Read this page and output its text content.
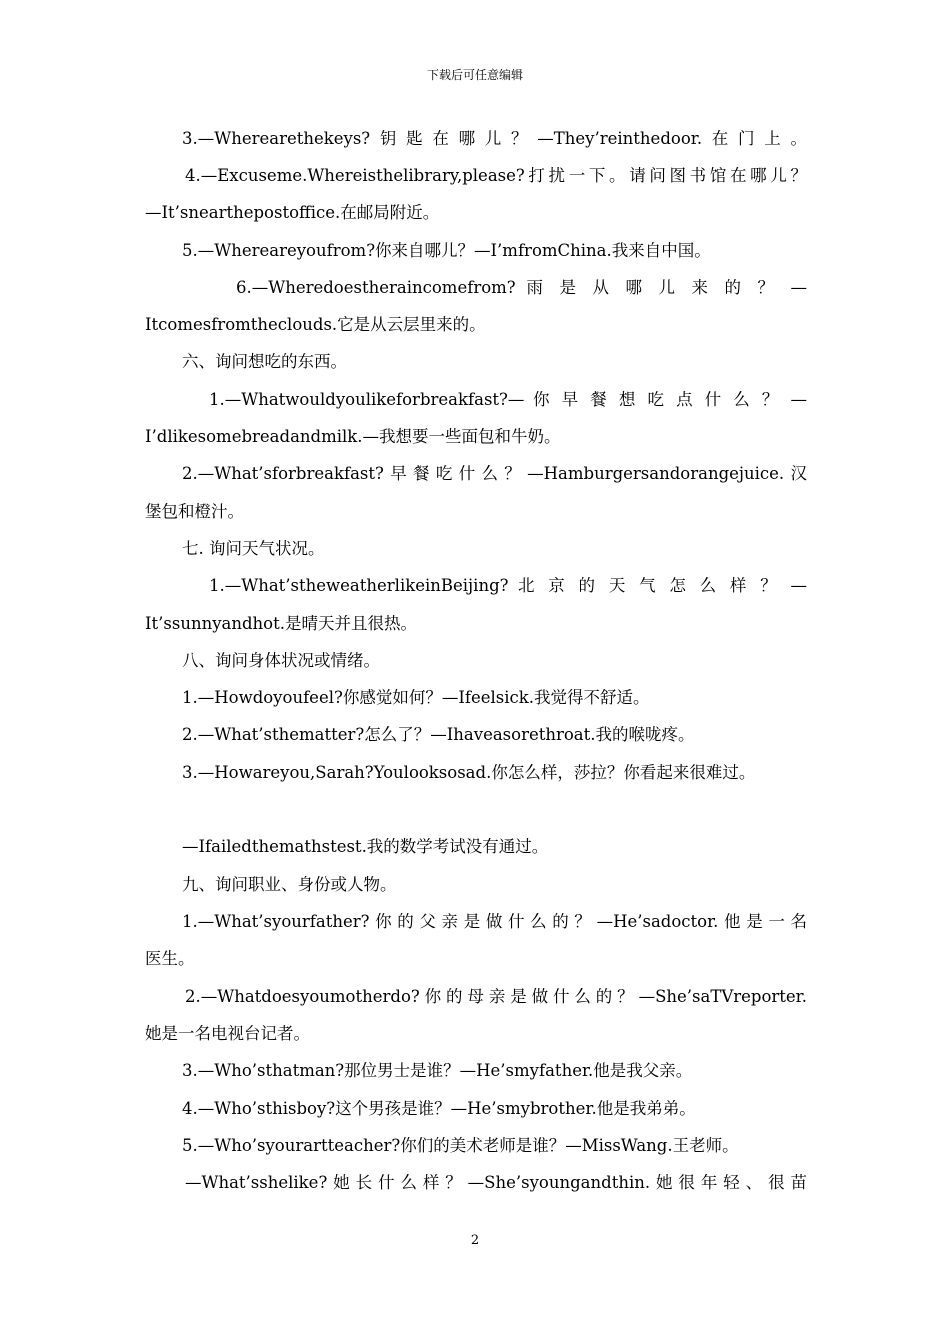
下载后可任意编辑
3.—Wherearethekeys?钥匙在哪儿？—They’reinthedoor.在门上。
4.—Excuseme.Whereisthelibrary,please?打扰一下。请问图书馆在哪儿？
—It’snearthepostoffice.在邮局附近。
5.—Whereareyoufrom?你来自哪儿？—I’mfromChina.我来自中国。
6.—Wheredoestheraincomefrom? 雨 是 从 哪 儿 来 的 ？ —
Itcomesfromtheclouds.它是从云层里来的。
六、询问想吃的东西。
1.—Whatwouldyoulikeforbreakfast?— 你 早 餐 想 吃 点 什 么 ？ —
I’dlikesomebreadandmilk.—我想要一些面包和牛奶。
2.—What’sforbreakfast?早餐吃什么？—Hamburgersandorangejuice.汉
堡包和橙汁。
七. 询问天气状况。
1.—What’stheweatherlikeinBeijing? 北 京 的 天 气 怎 么 样 ？ —
It’ssunnyandhot.是晴天并且很热。
八、询问身体状况或情绪。
1.—Howdoyoufeel?你感觉如何？—Ifeelsick.我觉得不舒适。
2.—What’sthematter?怎么了？—Ihaveasorethroat.我的喉咙疼。
3.—Howareyou,Sarah?Youlooksosad.你怎么样，莎拉？你看起来很难过。
—Ifailedthemathstest.我的数学考试没有通过。
九、询问职业、身份或人物。
1.—What’syourfather?你的父亲是做什么的？—He’sadoctor.他是一名
医生。
2.—Whatdoesyoumotherdo?你的母亲是做什么的？—She’saTVreporter.
她是一名电视台记者。
3.—Who’sthatman?那位男士是谁？—He’smyfather.他是我父亲。
4.—Who’sthisboy?这个男孩是谁？—He’smybrother.他是我弟弟。
5.—Who’syourartteacher?你们的美术老师是谁？—MissWang.王老师。
—What’sshelike?她长什么样？—She’syoungandthin.她很年轻、很苗
2
